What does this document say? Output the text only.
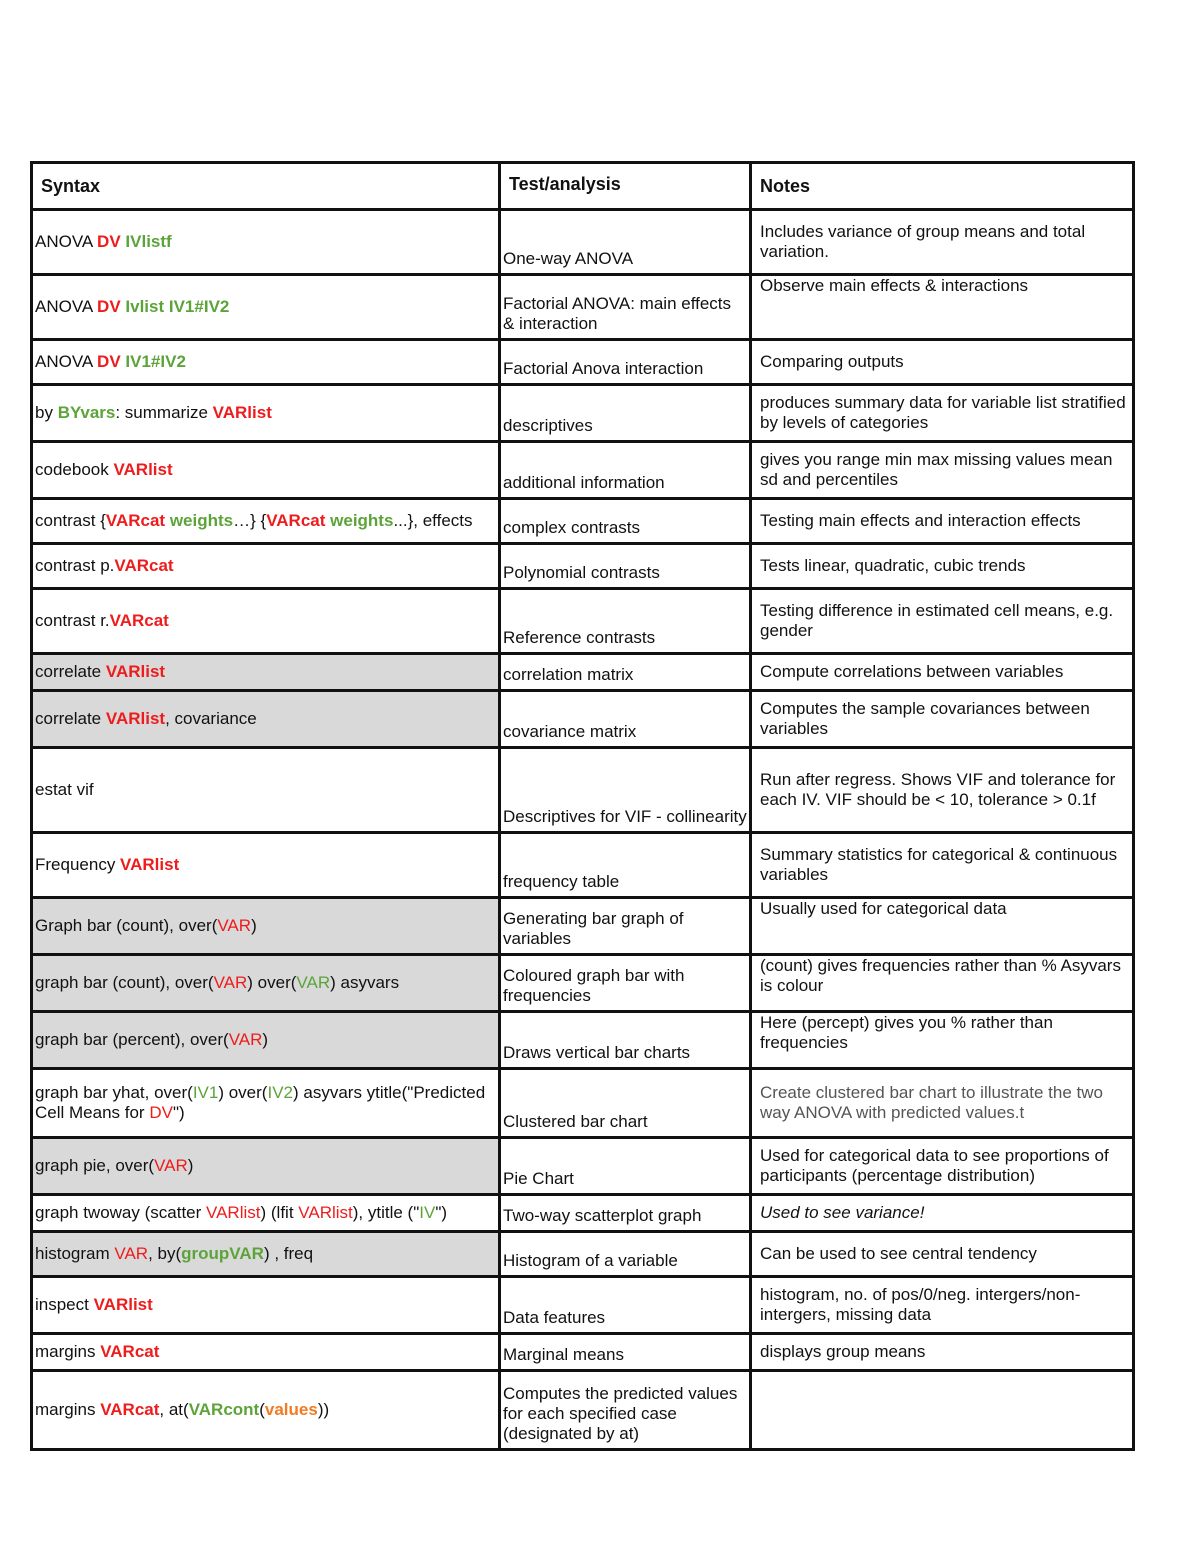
Syntax	Test/analysis	Notes
ANOVA DV IVlistf	One-way ANOVA	Includes variance of group means and total variation.
ANOVA DV Ivlist IV1#IV2	Factorial ANOVA: main effects & interaction	Observe main effects & interactions
ANOVA DV IV1#IV2	Factorial Anova interaction	Comparing outputs
by BYvars: summarize VARlist	descriptives	produces summary data for variable list stratified by levels of categories
codebook VARlist	additional information	gives you range min max missing values mean sd and percentiles
contrast {VARcat weights…} {VARcat weights...}, effects	complex contrasts	Testing main effects and interaction effects
contrast p.VARcat	Polynomial contrasts	Tests linear, quadratic, cubic trends
contrast r.VARcat	Reference contrasts	Testing difference in estimated cell means, e.g. gender
correlate VARlist	correlation matrix	Compute correlations between variables
correlate VARlist, covariance	covariance matrix	Computes the sample covariances between variables
estat vif	Descriptives for VIF - collinearity	Run after regress. Shows VIF and tolerance for each IV. VIF should be < 10, tolerance > 0.1f
Frequency VARlist	frequency table	Summary statistics for categorical & continuous variables
Graph bar (count), over(VAR)	Generating bar graph of variables	Usually used for categorical data
graph bar (count), over(VAR) over(VAR) asyvars	Coloured graph bar with frequencies	(count) gives frequencies rather than % Asyvars is colour
graph bar (percent), over(VAR)	Draws vertical bar charts	Here (percept) gives you % rather than frequencies
graph bar yhat, over(IV1) over(IV2) asyvars ytitle("Predicted Cell Means for DV")	Clustered bar chart	Create clustered bar chart to illustrate the two way ANOVA with predicted values.t
graph pie, over(VAR)	Pie Chart	Used for categorical data to see proportions of participants (percentage distribution)
graph twoway (scatter VARlist) (lfit VARlist), ytitle ("IV")	Two-way scatterplot graph	Used to see variance!
histogram VAR, by(groupVAR) , freq	Histogram of a variable	Can be used to see central tendency
inspect VARlist	Data features	histogram, no. of pos/0/neg. intergers/non-intergers, missing data
margins VARcat	Marginal means	displays group means
margins VARcat, at(VARcont(values))	Computes the predicted values for each specified case (designated by at)	
